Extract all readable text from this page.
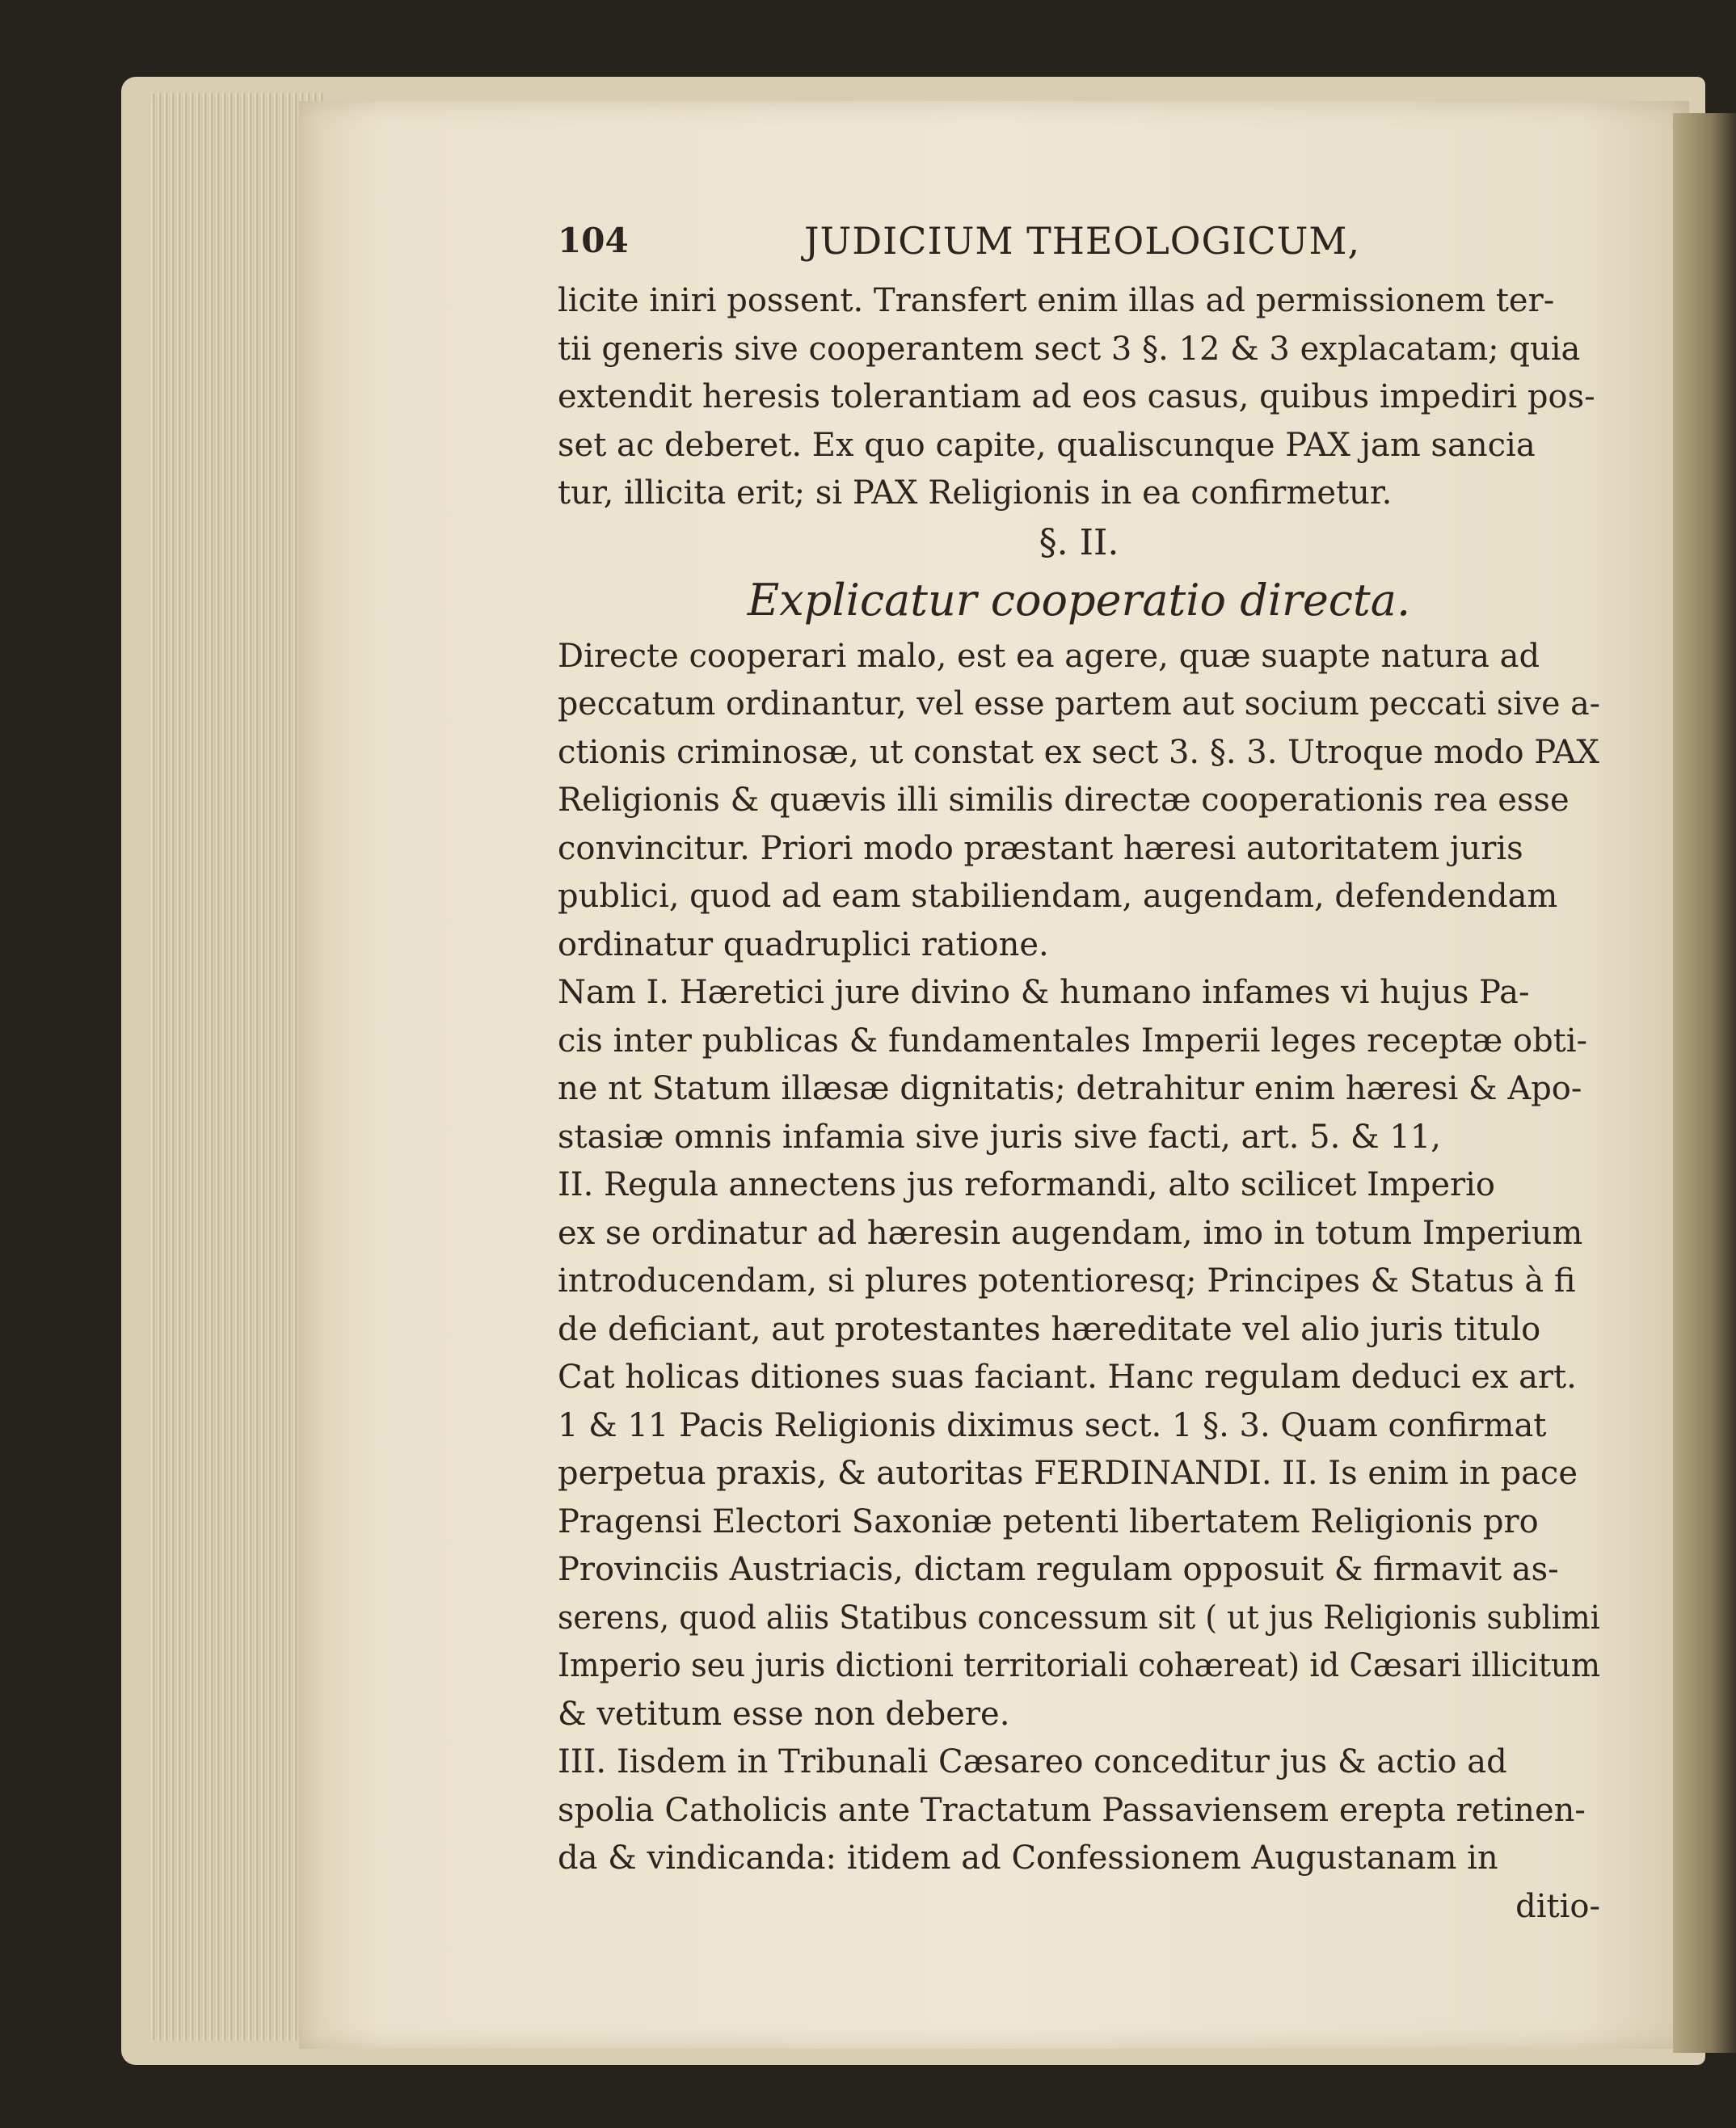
104	JUDICIUM THEOLOGICUM,
licite iniri possent. Transfert enim illas ad permissionem ter-
tii generis sive cooperantem sect 3 §. 12 & 3 explacatam; quia
extendit heresis tolerantiam ad eos casus, quibus impediri pos-
set ac deberet. Ex quo capite, qualiscunque PAX jam sancia
tur, illicita erit; si PAX Religionis in ea confirmetur.
§. II.
Explicatur cooperatio directa.
Directe cooperari malo, est ea agere, quæ suapte natura ad
peccatum ordinantur, vel esse partem aut socium peccati sive a-
ctionis criminosæ, ut constat ex sect 3. §. 3. Utroque modo PAX
Religionis & quævis illi similis directæ cooperationis rea esse
convincitur. Priori modo præstant hæresi autoritatem juris
publici, quod ad eam stabiliendam, augendam, defendendam
ordinatur quadruplici ratione.
Nam I. Hæretici jure divino & humano infames vi hujus Pa-
cis inter publicas & fundamentales Imperii leges receptæ obti-
ne nt Statum illæsæ dignitatis; detrahitur enim hæresi & Apo-
stasiæ omnis infamia sive juris sive facti, art. 5. & 11,
II. Regula annectens jus reformandi, alto scilicet Imperio
ex se ordinatur ad hæresin augendam, imo in totum Imperium
introducendam, si plures potentioresq; Principes & Status à fi
de deficiant, aut protestantes hæreditate vel alio juris titulo
Cat holicas ditiones suas faciant. Hanc regulam deduci ex art.
1 & 11 Pacis Religionis diximus sect. 1 §. 3. Quam confirmat
perpetua praxis, & autoritas FERDINANDI. II. Is enim in pace
Pragensi Electori Saxoniæ petenti libertatem Religionis pro
Provinciis Austriacis, dictam regulam opposuit & firmavit as-
serens, quod aliis Statibus concessum sit ( ut jus Religionis sublimi
Imperio seu juris dictioni territoriali cohæreat) id Cæsari illicitum
& vetitum esse non debere.
III. Iisdem in Tribunali Cæsareo conceditur jus & actio ad
spolia Catholicis ante Tractatum Passaviensem erepta retinen-
da & vindicanda: itidem ad Confessionem Augustanam in
ditio-
